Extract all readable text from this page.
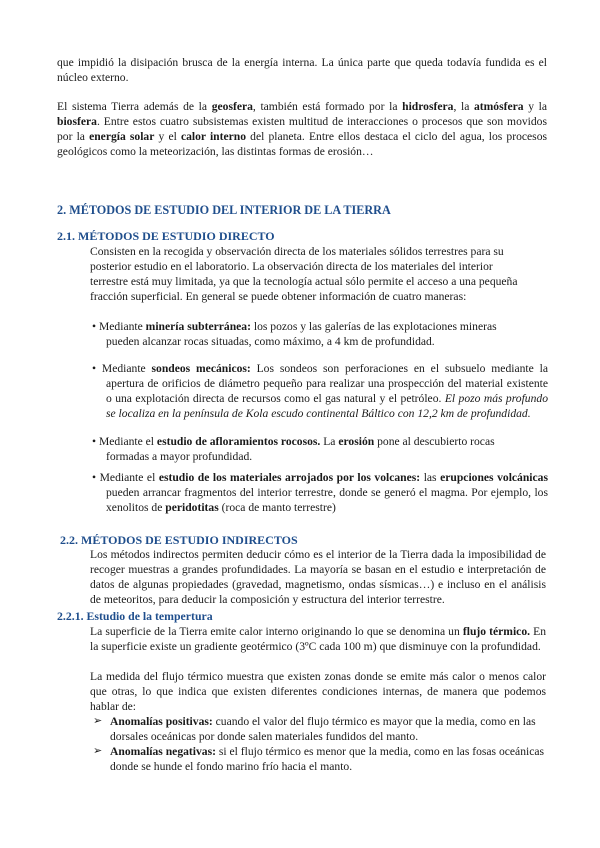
que impidió la disipación brusca de la energía interna. La única parte que queda todavía fundida es el núcleo externo.

El sistema Tierra además de la geosfera, también está formado por la hidrosfera, la atmósfera y la biosfera. Entre estos cuatro subsistemas existen multitud de interacciones o procesos que son movidos por la energía solar y el calor interno del planeta. Entre ellos destaca el ciclo del agua, los procesos geológicos como la meteorización, las distintas formas de erosión…

2. MÉTODOS DE ESTUDIO DEL INTERIOR DE LA TIERRA
2.1. MÉTODOS DE ESTUDIO DIRECTO

Consisten en la recogida y observación directa de los materiales sólidos terrestres para su posterior estudio en el laboratorio. La observación directa de los materiales del interior terrestre está muy limitada, ya que la tecnología actual sólo permite el acceso a una pequeña fracción superficial. En general se puede obtener información de cuatro maneras:

• Mediante minería subterránea: los pozos y las galerías de las explotaciones mineras pueden alcanzar rocas situadas, como máximo, a 4 km de profundidad.
• Mediante sondeos mecánicos: Los sondeos son perforaciones en el subsuelo mediante la apertura de orificios de diámetro pequeño para realizar una prospección del material existente o una explotación directa de recursos como el gas natural y el petróleo. El pozo más profundo se localiza en la península de Kola escudo continental Báltico con 12,2 km de profundidad.
• Mediante el estudio de afloramientos rocosos. La erosión pone al descubierto rocas formadas a mayor profundidad.
• Mediante el estudio de los materiales arrojados por los volcanes: las erupciones volcánicas pueden arrancar fragmentos del interior terrestre, donde se generó el magma. Por ejemplo, los xenolitos de peridotitas (roca de manto terrestre)
2.2. MÉTODOS DE ESTUDIO INDIRECTOS

Los métodos indirectos permiten deducir cómo es el interior de la Tierra dada la imposibilidad de recoger muestras a grandes profundidades. La mayoría se basan en el estudio e interpretación de datos de algunas propiedades (gravedad, magnetismo, ondas sísmicas…) e incluso en el análisis de meteoritos, para deducir la composición y estructura del interior terrestre.

2.2.1. Estudio de la tempertura

La superficie de la Tierra emite calor interno originando lo que se denomina un flujo térmico. En la superficie existe un gradiente geotérmico (3ºC cada 100 m) que disminuye con la profundidad.

La medida del flujo térmico muestra que existen zonas donde se emite más calor o menos calor que otras, lo que indica que existen diferentes condiciones internas, de manera que podemos hablar de:

➢ Anomalías positivas: cuando el valor del flujo térmico es mayor que la media, como en las dorsales oceánicas por donde salen materiales fundidos del manto.

➢ Anomalías negativas: si el flujo térmico es menor que la media, como en las fosas oceánicas donde se hunde el fondo marino frío hacia el manto.
